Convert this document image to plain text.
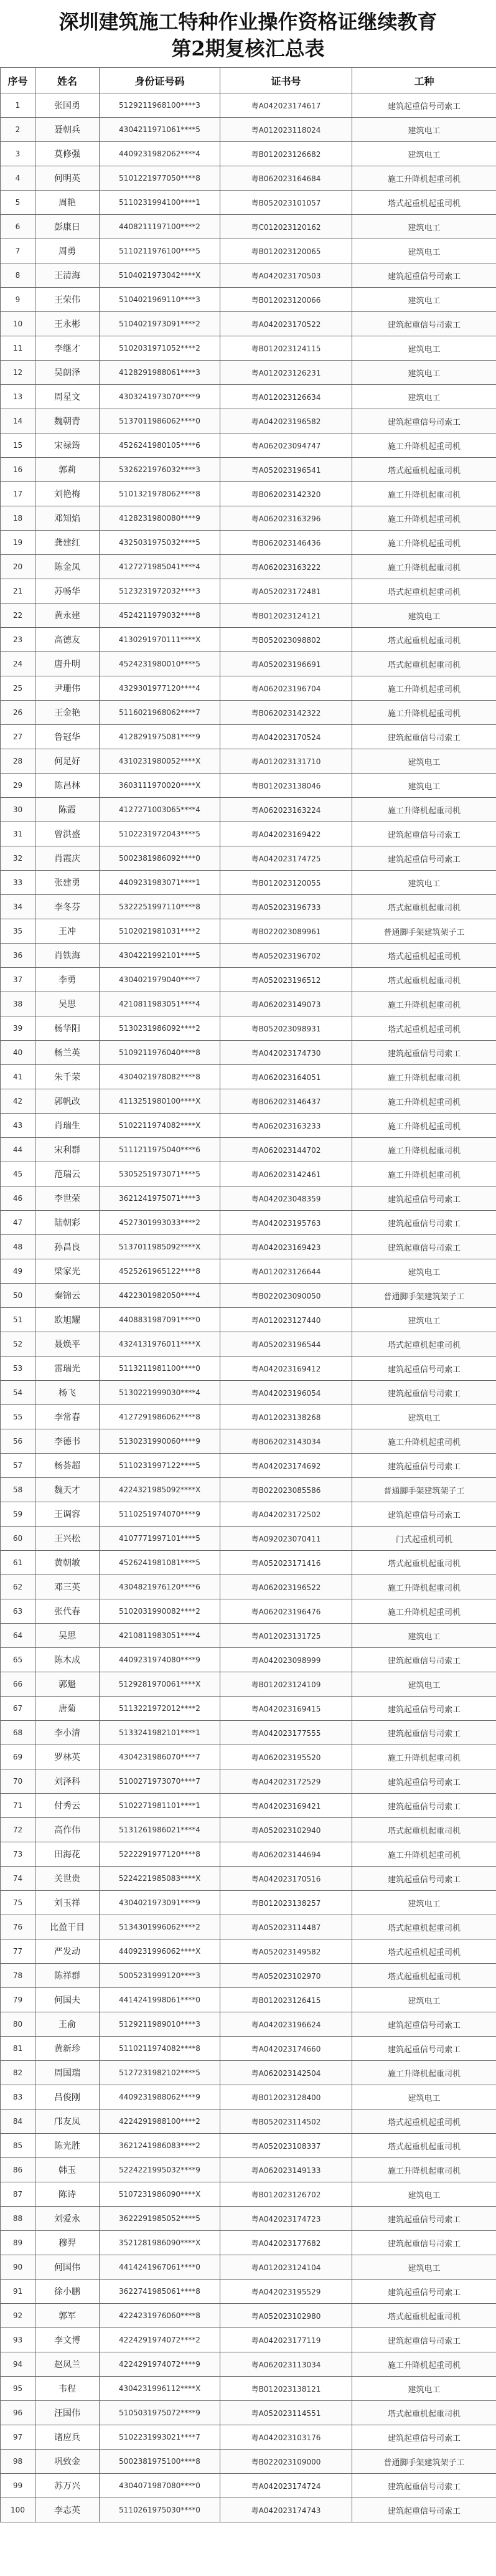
深圳建筑施工特种作业操作资格证继续教育
第2期复核汇总表
序号	姓名	身份证号码	证书号	工种
1	张国勇	5129211968100****3	粤A042023174617	建筑起重信号司索工
2	聂朝兵	4304211971061****5	粤A012023118024	建筑电工
3	莫修强	4409231982062****4	粤B012023126682	建筑电工
4	何明英	5101221977050****8	粤B062023164684	施工升降机起重司机
5	周艳	5110231994100****1	粤B052023101057	塔式起重机起重司机
6	彭康日	4408211197100****2	粤C012023120162	建筑电工
7	周勇	5110211976100****5	粤B012023120065	建筑电工
8	王清海	5104021973042****X	粤A042023170503	建筑起重信号司索工
9	王荣伟	5104021969110****3	粤B012023120066	建筑电工
10	王永彬	5104021973091****2	粤A042023170522	建筑起重信号司索工
11	李继才	5102031971052****2	粤B012023124115	建筑电工
12	吴朗泽	4128291988061****3	粤A012023126231	建筑电工
13	周星文	4303241973070****9	粤A012023126634	建筑电工
14	魏朝青	5137011986062****0	粤A042023196582	建筑起重信号司索工
15	宋禄筠	4526241980105****6	粤A062023094747	施工升降机起重司机
16	郭莉	5326221976032****3	粤A052023196541	塔式起重机起重司机
17	刘艳梅	5101321978062****8	粤B062023142320	施工升降机起重司机
18	邓知焰	4128231980080****9	粤A062023163296	施工升降机起重司机
19	龚建红	4325031975032****5	粤B062023146436	施工升降机起重司机
20	陈金凤	4127271985041****4	粤A062023163222	施工升降机起重司机
21	苏畅华	5123231972032****3	粤A052023172481	塔式起重机起重司机
22	黄永建	4524211979032****8	粤B012023124121	建筑电工
23	高德友	4130291970111****X	粤B052023098802	塔式起重机起重司机
24	唐升明	4524231980010****5	粤A052023196691	塔式起重机起重司机
25	尹珊伟	4329301977120****4	粤A062023196704	施工升降机起重司机
26	王金艳	5116021968062****7	粤B062023142322	施工升降机起重司机
27	鲁冠华	4128291975081****9	粤A042023170524	建筑起重信号司索工
28	何足好	4310231980052****X	粤A012023131710	建筑电工
29	陈昌林	3603111970020****X	粤B012023138046	建筑电工
30	陈霞	4127271003065****4	粤A062023163224	施工升降机起重司机
31	曾洪盛	5102231972043****5	粤A042023169422	建筑起重信号司索工
32	肖霞庆	5002381986092****0	粤A042023174725	建筑起重信号司索工
33	张建勇	4409231983071****1	粤B012023120055	建筑电工
34	李冬芬	5322251997110****8	粤A052023196733	塔式起重机起重司机
35	王冲	5102021981031****2	粤B022023089961	普通脚手架建筑架子工
36	肖铁海	4304221992101****5	粤A052023196702	塔式起重机起重司机
37	李勇	4304021979040****7	粤A052023196512	塔式起重机起重司机
38	吴思	4210811983051****4	粤A062023149073	施工升降机起重司机
39	杨华阳	5130231986092****2	粤B052023098931	塔式起重机起重司机
40	杨兰英	5109211976040****8	粤A042023174730	建筑起重信号司索工
41	朱千荣	4304021978082****8	粤A062023164051	施工升降机起重司机
42	郭帆改	4113251980100****X	粤B062023146437	施工升降机起重司机
43	肖瑞生	5102211974082****X	粤A062023163233	施工升降机起重司机
44	宋利群	5111211975040****6	粤A062023144702	施工升降机起重司机
45	范瑞云	5305251973071****5	粤A062023142461	施工升降机起重司机
46	李世荣	3621241975071****3	粤A042023048359	建筑起重信号司索工
47	陆朝彩	4527301993033****2	粤A042023195763	建筑起重信号司索工
48	孙昌良	5137011985092****X	粤A042023169423	建筑起重信号司索工
49	梁家光	4525261965122****8	粤A012023126644	建筑电工
50	秦锦云	4422301982050****4	粤B022023090050	普通脚手架建筑架子工
51	欧旭耀	4408831987091****0	粤A012023127440	建筑电工
52	聂焕平	4324131976011****X	粤A052023196544	塔式起重机起重司机
53	雷瑞光	5113211981100****0	粤A042023169412	建筑起重信号司索工
54	杨飞	5130221999030****4	粤A042023196054	建筑起重信号司索工
55	李常春	4127291986062****8	粤A012023138268	建筑电工
56	李德书	5130231990060****9	粤B062023143034	施工升降机起重司机
57	杨荟超	5110231997122****5	粤A042023174692	建筑起重信号司索工
58	魏天才	4224321985092****X	粤B022023085586	普通脚手架建筑架子工
59	王调容	5110251974070****9	粤A042023172502	建筑起重信号司索工
60	王兴松	4107771997101****5	粤A092023070411	门式起重机司机
61	黄朝敏	4526241981081****5	粤A052023171416	塔式起重机起重司机
62	邓三英	4304821976120****6	粤A062023196522	施工升降机起重司机
63	张代春	5102031990082****2	粤A062023196476	施工升降机起重司机
64	吴思	4210811983051****4	粤A012023131725	建筑电工
65	陈木成	4409231974080****9	粤A042023098999	建筑起重信号司索工
66	郭魁	5129281970061****X	粤B012023124109	建筑电工
67	唐菊	5113221972012****2	粤A042023169415	建筑起重信号司索工
68	李小清	5133241982101****1	粤A042023177555	建筑起重信号司索工
69	罗林英	4304231986070****7	粤A062023195520	施工升降机起重司机
70	刘泽科	5100271973070****7	粤A042023172529	建筑起重信号司索工
71	付秀云	5102271981101****1	粤A042023169421	建筑起重信号司索工
72	高作伟	5131261986021****4	粤A052023102940	塔式起重机起重司机
73	田海花	5222291977120****8	粤A062023144694	施工升降机起重司机
74	关世贵	5224221985083****X	粤A042023170516	建筑起重信号司索工
75	刘玉祥	4304021973091****9	粤B012023138257	建筑电工
76	比盈干目	5134301996062****2	粤A052023114487	塔式起重机起重司机
77	严发动	4409231996062****X	粤A052023149582	塔式起重机起重司机
78	陈祥群	5005231999120****3	粤A052023102970	塔式起重机起重司机
79	何国夫	4414241998061****0	粤B012023126415	建筑电工
80	王俞	5129211989010****3	粤A042023196624	建筑起重信号司索工
81	黄新珍	5110211974082****8	粤A042023174660	建筑起重信号司索工
82	周国瑞	5127231982102****5	粤A062023142504	施工升降机起重司机
83	吕俊刚	4409231988062****9	粤B012023128400	建筑电工
84	邝友凤	4224291988100****2	粤B052023114502	塔式起重机起重司机
85	陈光胜	3621241986083****2	粤A052023108337	塔式起重机起重司机
86	韩玉	5224221995032****9	粤A062023149133	施工升降机起重司机
87	陈诗	5107231986090****X	粤B012023126702	建筑电工
88	刘爱永	3622291985052****5	粤A042023174723	建筑起重信号司索工
89	穆羿	3521281986090****X	粤A042023177682	建筑起重信号司索工
90	何国伟	4414241967061****0	粤A012023124104	建筑电工
91	徐小鹏	3622741985061****8	粤A042023195529	建筑起重信号司索工
92	郭军	4224231976060****8	粤A052023102980	塔式起重机起重司机
93	李文博	4224291974072****2	粤A042023177119	建筑起重信号司索工
94	赵凤兰	4224291974072****9	粤A062023113034	施工升降机起重司机
95	韦程	4304231996112****X	粤B012023138121	建筑电工
96	汪国伟	5105031975072****9	粤A052023114551	塔式起重机起重司机
97	诸应兵	5102231993021****7	粤A042023103176	建筑起重信号司索工
98	巩致金	5002381975100****8	粤B022023109000	普通脚手架建筑架子工
99	苏万兴	4304071987080****0	粤A042023174724	建筑起重信号司索工
100	李志英	5110261975030****0	粤A042023174743	建筑起重信号司索工
